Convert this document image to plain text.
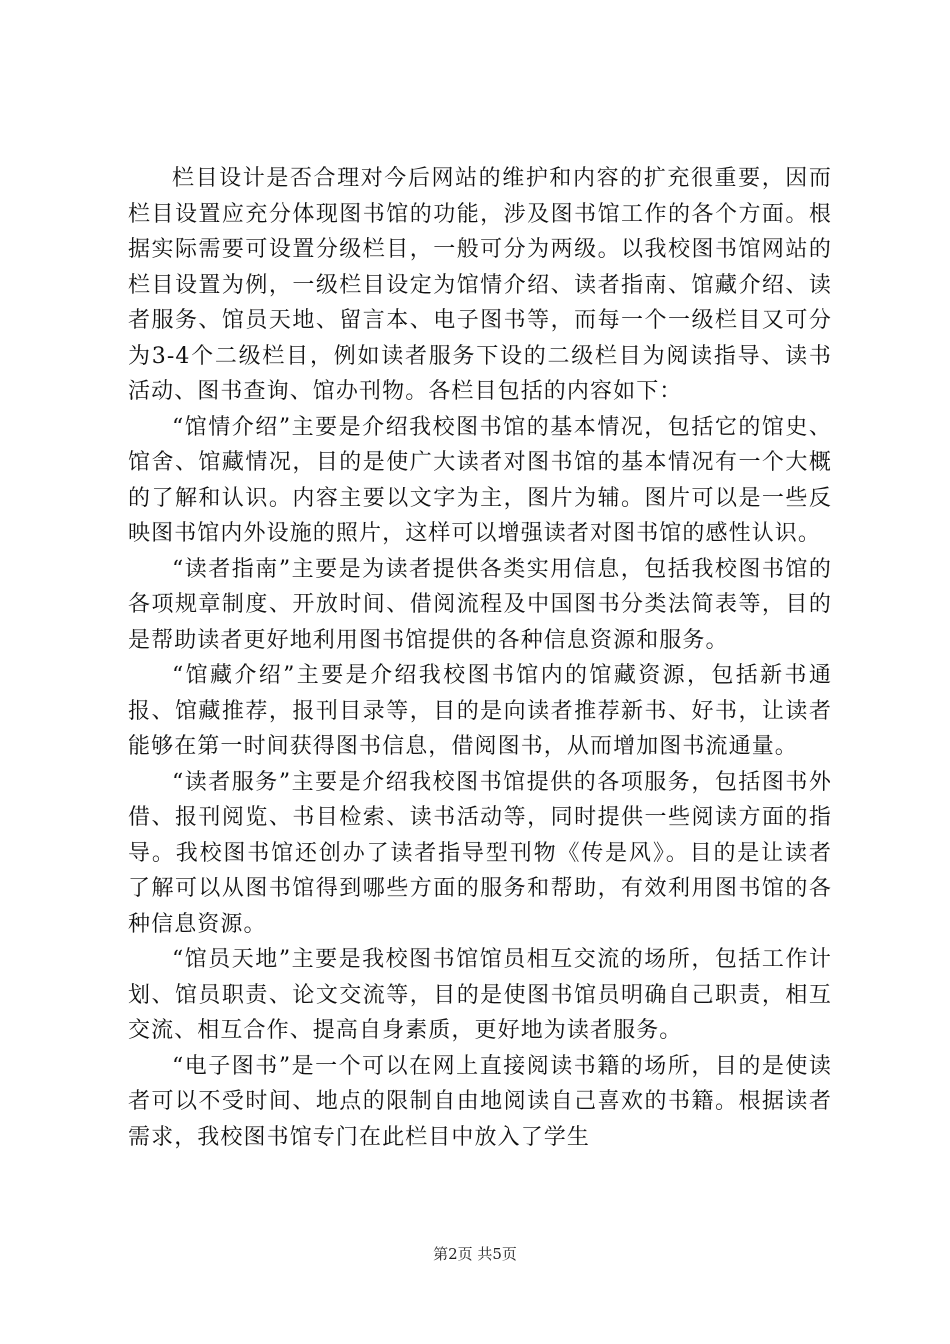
栏目设计是否合理对今后网站的维护和内容的扩充很重要，因而栏目设置应充分体现图书馆的功能，涉及图书馆工作的各个方面。根据实际需要可设置分级栏目，一般可分为两级。以我校图书馆网站的栏目设置为例，一级栏目设定为馆情介绍、读者指南、馆藏介绍、读者服务、馆员天地、留言本、电子图书等，而每一个一级栏目又可分为3-4个二级栏目，例如读者服务下设的二级栏目为阅读指导、读书活动、图书查询、馆办刊物。各栏目包括的内容如下：

“馆情介绍”主要是介绍我校图书馆的基本情况，包括它的馆史、馆舍、馆藏情况，目的是使广大读者对图书馆的基本情况有一个大概的了解和认识。内容主要以文字为主，图片为辅。图片可以是一些反映图书馆内外设施的照片，这样可以增强读者对图书馆的感性认识。

“读者指南”主要是为读者提供各类实用信息，包括我校图书馆的各项规章制度、开放时间、借阅流程及中国图书分类法简表等，目的是帮助读者更好地利用图书馆提供的各种信息资源和服务。

“馆藏介绍”主要是介绍我校图书馆内的馆藏资源，包括新书通报、馆藏推荐，报刊目录等，目的是向读者推荐新书、好书，让读者能够在第一时间获得图书信息，借阅图书，从而增加图书流通量。

“读者服务”主要是介绍我校图书馆提供的各项服务，包括图书外借、报刊阅览、书目检索、读书活动等，同时提供一些阅读方面的指导。我校图书馆还创办了读者指导型刊物《传是风》。目的是让读者了解可以从图书馆得到哪些方面的服务和帮助，有效利用图书馆的各种信息资源。

“馆员天地”主要是我校图书馆馆员相互交流的场所，包括工作计划、馆员职责、论文交流等，目的是使图书馆员明确自己职责，相互交流、相互合作、提高自身素质，更好地为读者服务。

“电子图书”是一个可以在网上直接阅读书籍的场所，目的是使读者可以不受时间、地点的限制自由地阅读自己喜欢的书籍。根据读者需求，我校图书馆专门在此栏目中放入了学生

第2页 共5页
